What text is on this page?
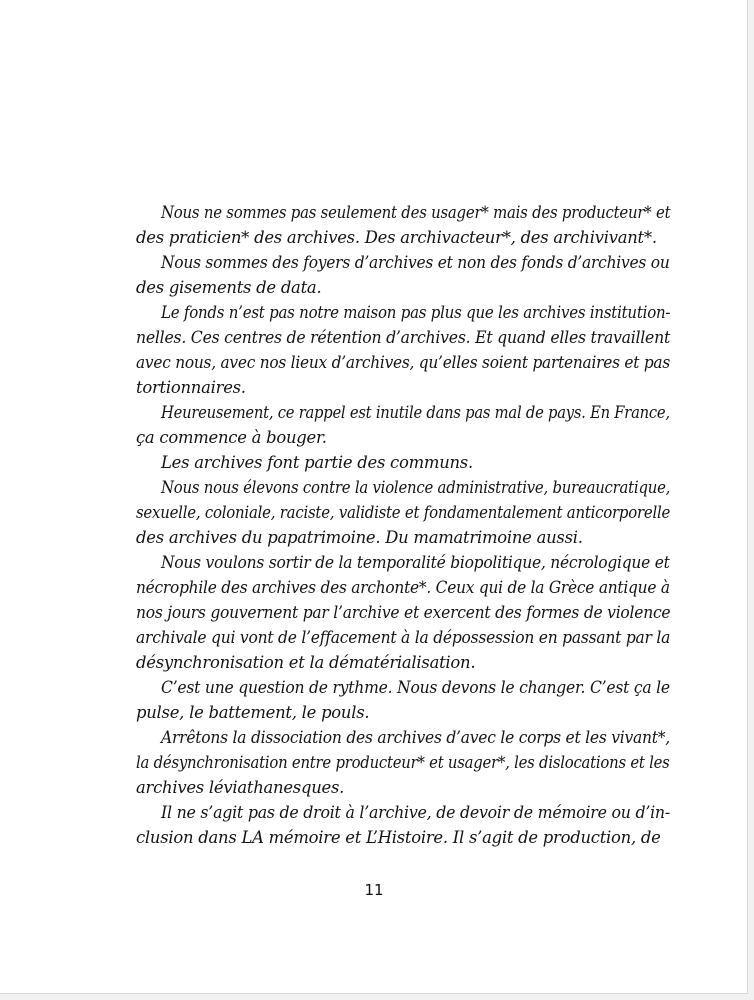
Nous ne sommes pas seulement des usager* mais des producteur* et
des praticien* des archives. Des archivacteur*, des archivivant*.
Nous sommes des foyers d’archives et non des fonds d’archives ou
des gisements de data.
Le fonds n’est pas notre maison pas plus que les archives institution-
nelles. Ces centres de rétention d’archives. Et quand elles travaillent
avec nous, avec nos lieux d’archives, qu’elles soient partenaires et pas
tortionnaires.
Heureusement, ce rappel est inutile dans pas mal de pays. En France,
ça commence à bouger.
Les archives font partie des communs.
Nous nous élevons contre la violence administrative, bureaucratique,
sexuelle, coloniale, raciste, validiste et fondamentalement anticorporelle
des archives du papatrimoine. Du mamatrimoine aussi.
Nous voulons sortir de la temporalité biopolitique, nécrologique et
nécrophile des archives des archonte*. Ceux qui de la Grèce antique à
nos jours gouvernent par l’archive et exercent des formes de violence
archivale qui vont de l’effacement à la dépossession en passant par la
désynchronisation et la dématérialisation.
C’est une question de rythme. Nous devons le changer. C’est ça le
pulse, le battement, le pouls.
Arrêtons la dissociation des archives d’avec le corps et les vivant*,
la désynchronisation entre producteur* et usager*, les dislocations et les
archives léviathanesques.
Il ne s’agit pas de droit à l’archive, de devoir de mémoire ou d’in-
clusion dans LA mémoire et L’Histoire. Il s’agit de production, de
11
